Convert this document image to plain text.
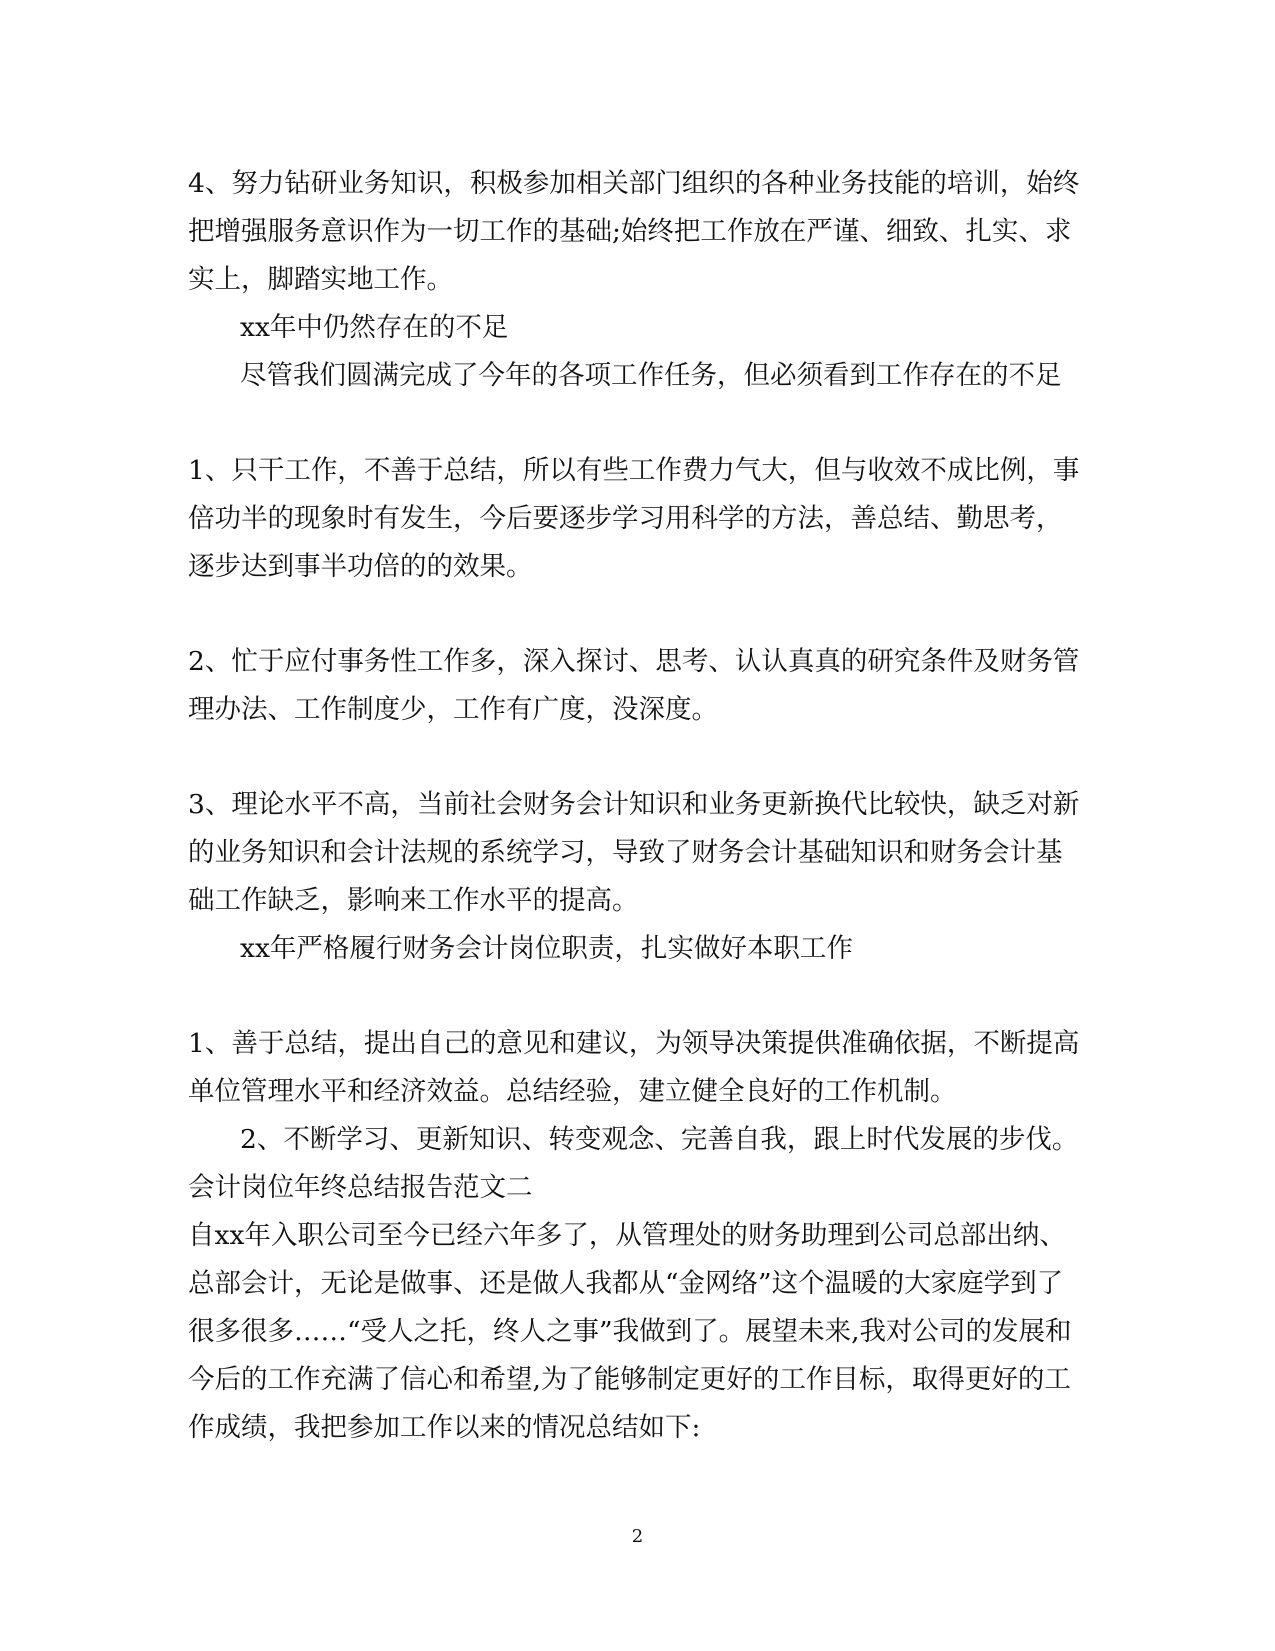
4、努力钻研业务知识，积极参加相关部门组织的各种业务技能的培训，始终把增强服务意识作为一切工作的基础;始终把工作放在严谨、细致、扎实、求实上，脚踏实地工作。

xx年中仍然存在的不足

尽管我们圆满完成了今年的各项工作任务，但必须看到工作存在的不足

1、只干工作，不善于总结，所以有些工作费力气大，但与收效不成比例，事倍功半的现象时有发生，今后要逐步学习用科学的方法，善总结、勤思考，逐步达到事半功倍的的效果。

2、忙于应付事务性工作多，深入探讨、思考、认认真真的研究条件及财务管理办法、工作制度少，工作有广度，没深度。

3、理论水平不高，当前社会财务会计知识和业务更新换代比较快，缺乏对新的业务知识和会计法规的系统学习，导致了财务会计基础知识和财务会计基础工作缺乏，影响来工作水平的提高。

xx年严格履行财务会计岗位职责，扎实做好本职工作

1、善于总结，提出自己的意见和建议，为领导决策提供准确依据，不断提高单位管理水平和经济效益。总结经验，建立健全良好的工作机制。

2、不断学习、更新知识、转变观念、完善自我，跟上时代发展的步伐。

会计岗位年终总结报告范文二

自xx年入职公司至今已经六年多了，从管理处的财务助理到公司总部出纳、总部会计，无论是做事、还是做人我都从“金网络”这个温暖的大家庭学到了很多很多……“受人之托，终人之事”我做到了。展望未来,我对公司的发展和今后的工作充满了信心和希望,为了能够制定更好的工作目标，取得更好的工作成绩，我把参加工作以来的情况总结如下:

2
